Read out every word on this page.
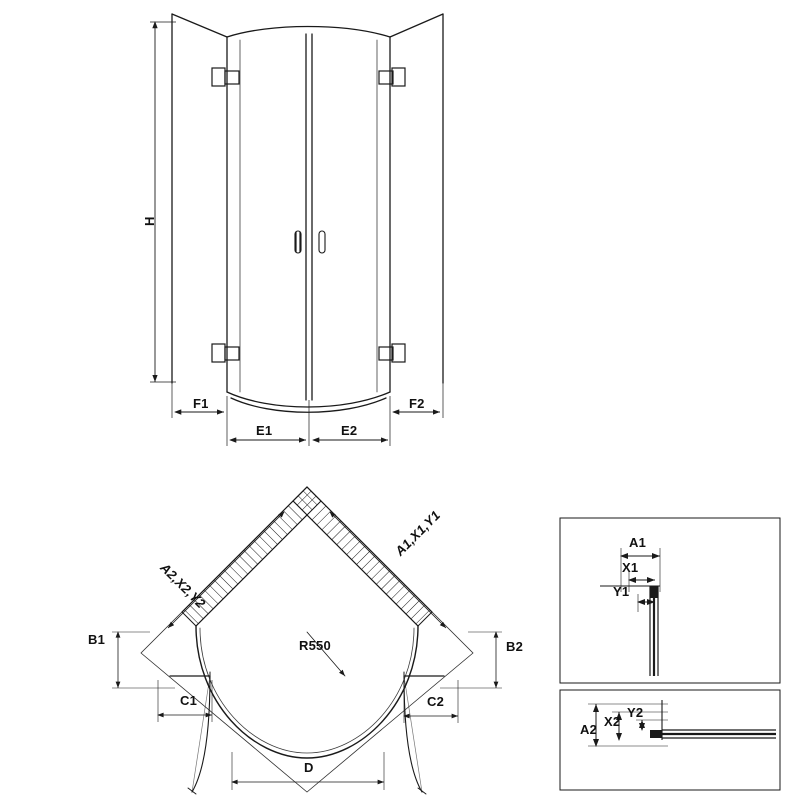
H
F1
E1	E2
F2
A2,X2,Y2
A1,X1,Y1
B1	B2
C1	C2
R550
D
A1
X1
Y1
A2
X2
Y2
